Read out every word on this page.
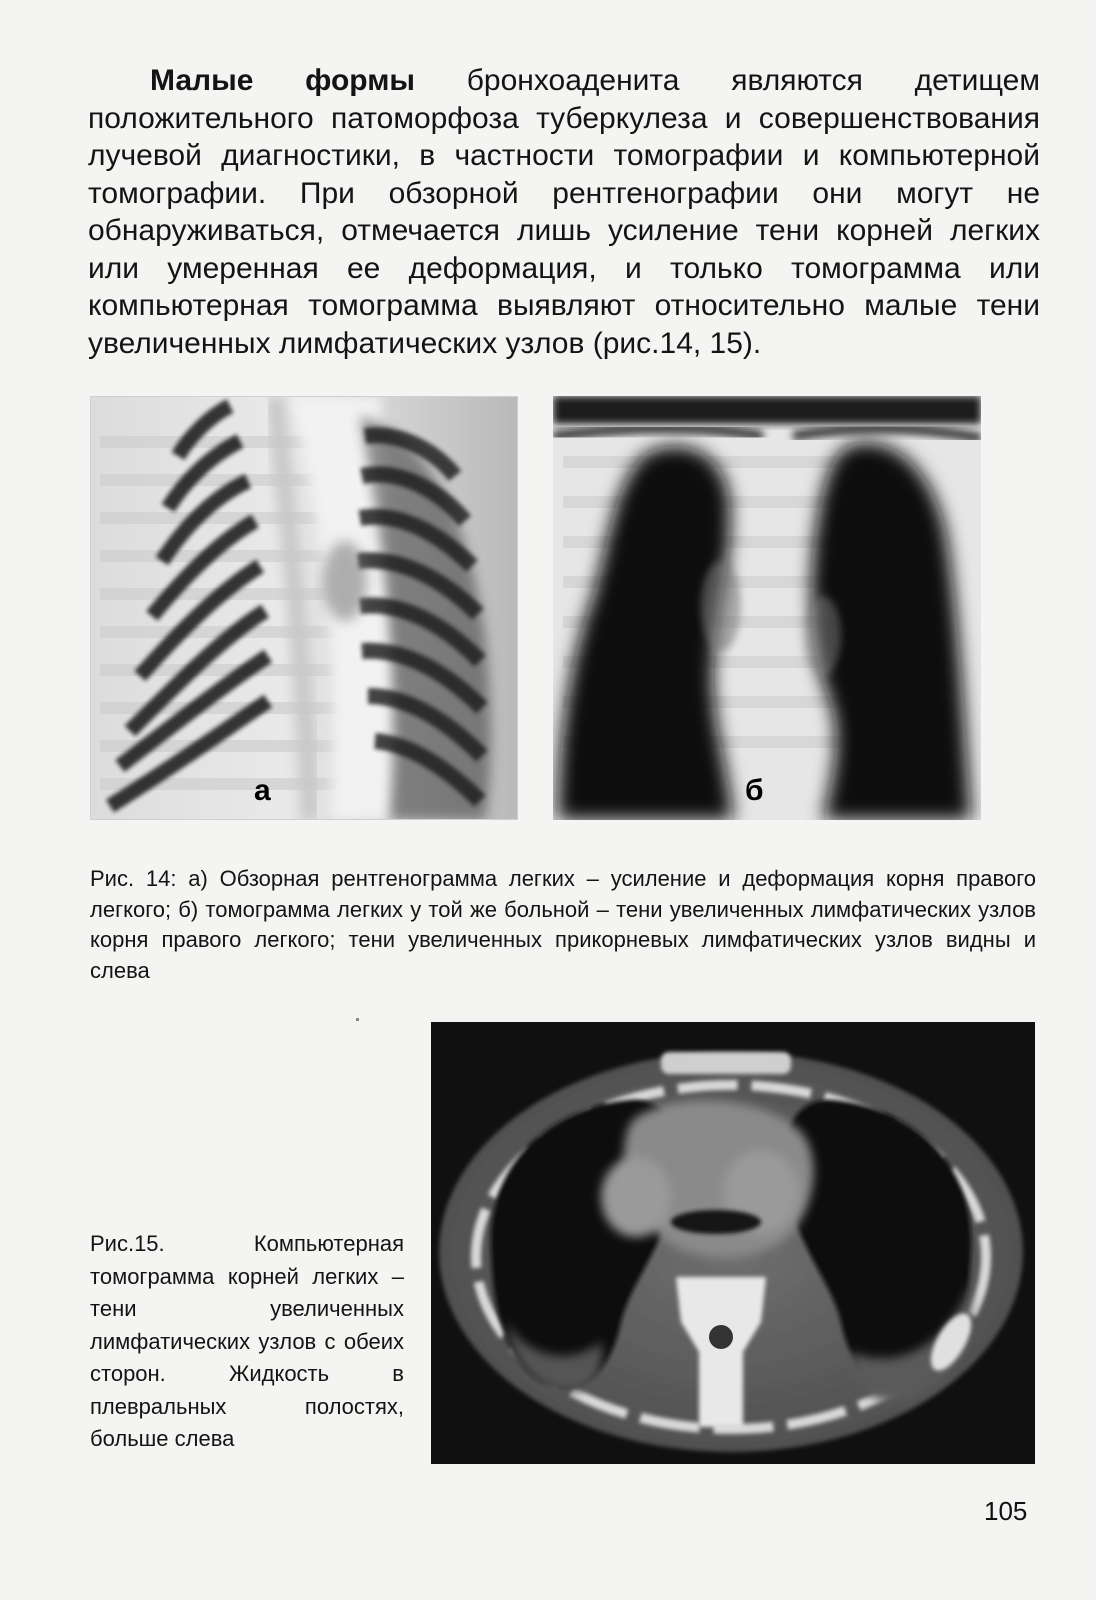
Малые формы бронхоаденита являются детищем положительного патоморфоза туберкулеза и совершенствования лучевой диагностики, в частности томографии и компьютерной томографии. При обзорной рентгенографии они могут не обнаруживаться, отмечается лишь усиление тени корней легких или умеренная ее деформация, и только томограмма или компьютерная томограмма выявляют относительно малые тени увеличенных лимфатических узлов (рис.14, 15).

а	б

Рис. 14: а) Обзорная рентгенограмма легких – усиление и деформация корня правого легкого; б) томограмма легких у той же больной – тени увеличенных лимфатических узлов корня правого легкого; тени увеличенных прикорневых лимфатических узлов видны и слева

Рис.15. Компьютерная томограмма корней легких – тени увеличенных лимфатических узлов с обеих сторон. Жидкость в плевральных полостях, больше слева

105
